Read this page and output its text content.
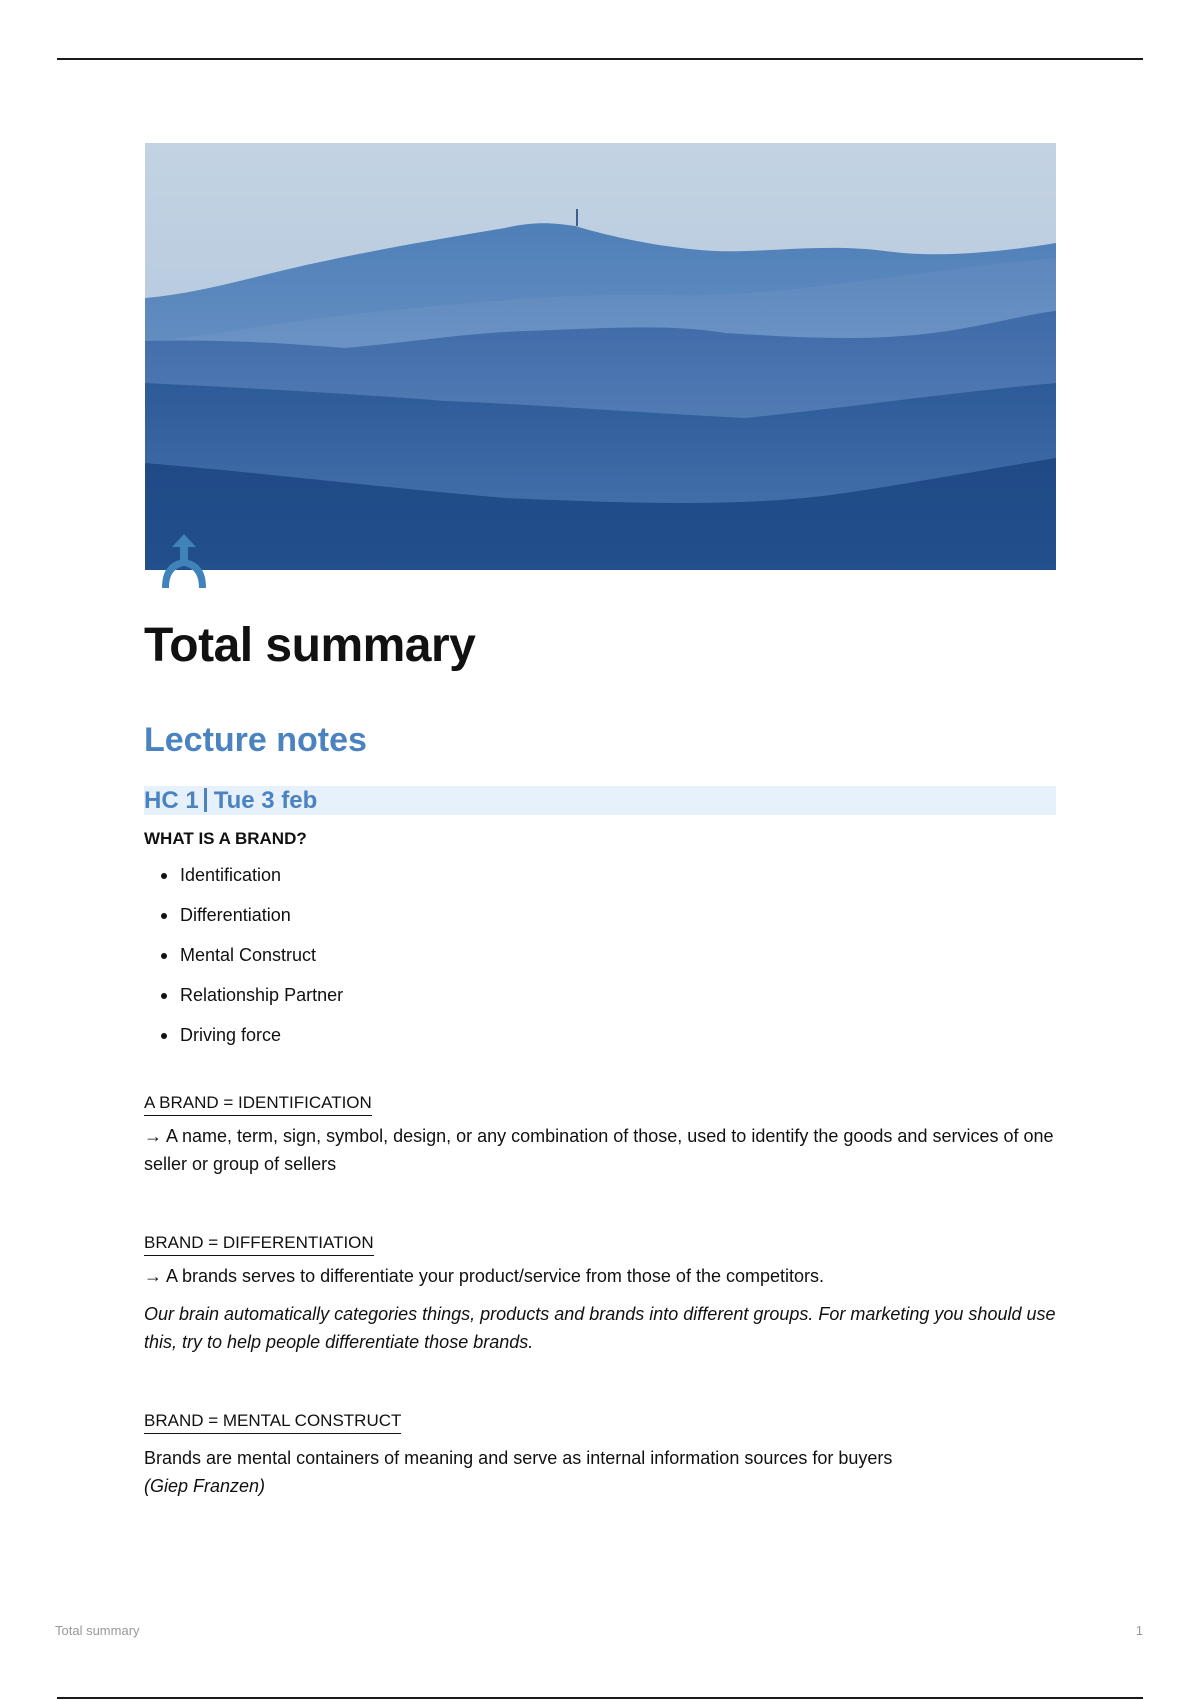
Total summary
Lecture notes
HC 1 Tue 3 feb
WHAT IS A BRAND?
Identification
Differentiation
Mental Construct
Relationship Partner
Driving force
A BRAND = IDENTIFICATION

→ A name, term, sign, symbol, design, or any combination of those, used to identify the goods and services of one seller or group of sellers

BRAND = DIFFERENTIATION

→ A brands serves to differentiate your product/service from those of the competitors.

Our brain automatically categories things, products and brands into different groups. For marketing you should use this, try to help people differentiate those brands.

BRAND = MENTAL CONSTRUCT

Brands are mental containers of meaning and serve as internal information sources for buyers
(Giep Franzen)

Total summary	1
